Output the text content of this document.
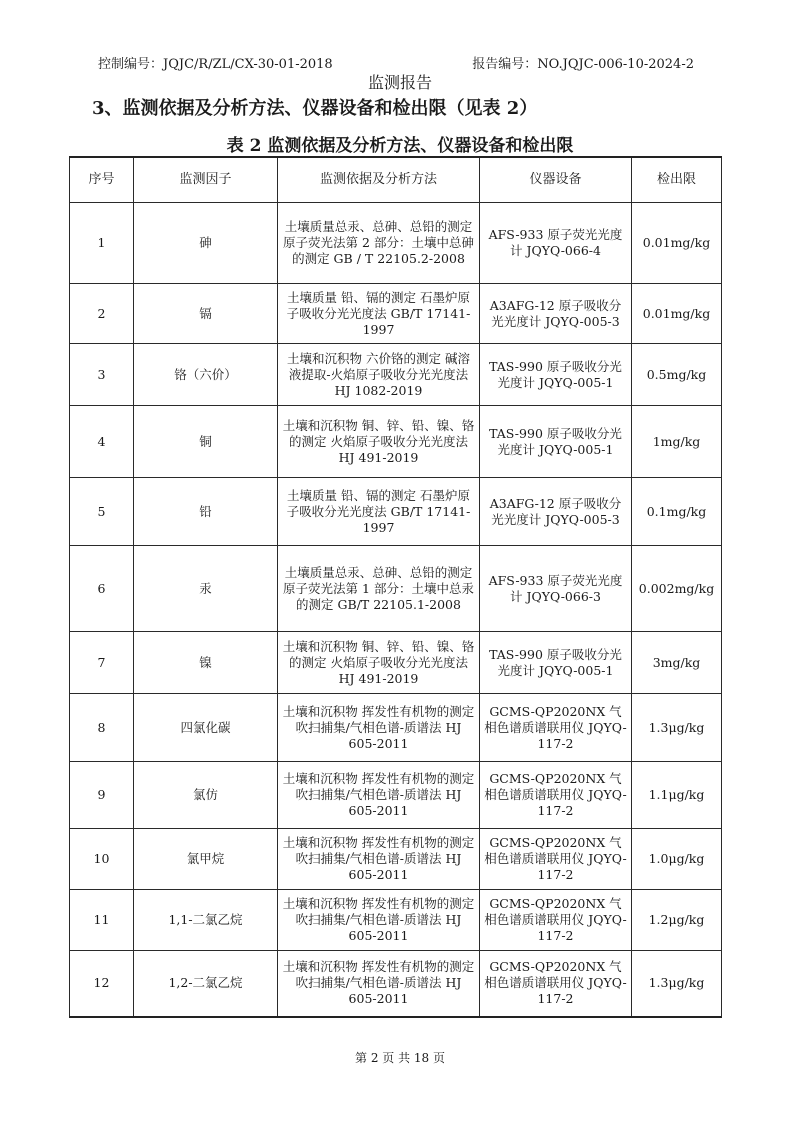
控制编号：JQJC/R/ZL/CX-30-01-2018	报告编号：NO.JQJC-006-10-2024-2
监测报告
3、监测依据及分析方法、仪器设备和检出限（见表 2）
表 2 监测依据及分析方法、仪器设备和检出限
序号	监测因子	监测依据及分析方法	仪器设备	检出限
1	砷	土壤质量总汞、总砷、总铅的测定原子荧光法第 2 部分：土壤中总砷的测定 GB / T 22105.2-2008	AFS-933 原子荧光光度计 JQYQ-066-4	0.01mg/kg
2	镉	土壤质量 铅、镉的测定 石墨炉原子吸收分光光度法 GB/T 17141-1997	A3AFG-12 原子吸收分光光度计 JQYQ-005-3	0.01mg/kg
3	铬（六价）	土壤和沉积物 六价铬的测定 碱溶液提取-火焰原子吸收分光光度法 HJ 1082-2019	TAS-990 原子吸收分光光度计 JQYQ-005-1	0.5mg/kg
4	铜	土壤和沉积物 铜、锌、铅、镍、铬的测定 火焰原子吸收分光光度法 HJ 491-2019	TAS-990 原子吸收分光光度计 JQYQ-005-1	1mg/kg
5	铅	土壤质量 铅、镉的测定 石墨炉原子吸收分光光度法 GB/T 17141-1997	A3AFG-12 原子吸收分光光度计 JQYQ-005-3	0.1mg/kg
6	汞	土壤质量总汞、总砷、总铅的测定原子荧光法第 1 部分：土壤中总汞的测定 GB/T 22105.1-2008	AFS-933 原子荧光光度计 JQYQ-066-3	0.002mg/kg
7	镍	土壤和沉积物 铜、锌、铅、镍、铬的测定 火焰原子吸收分光光度法 HJ 491-2019	TAS-990 原子吸收分光光度计 JQYQ-005-1	3mg/kg
8	四氯化碳	土壤和沉积物 挥发性有机物的测定吹扫捕集/气相色谱-质谱法 HJ 605-2011	GCMS-QP2020NX 气相色谱质谱联用仪 JQYQ-117-2	1.3μg/kg
9	氯仿	土壤和沉积物 挥发性有机物的测定吹扫捕集/气相色谱-质谱法 HJ 605-2011	GCMS-QP2020NX 气相色谱质谱联用仪 JQYQ-117-2	1.1μg/kg
10	氯甲烷	土壤和沉积物 挥发性有机物的测定吹扫捕集/气相色谱-质谱法 HJ 605-2011	GCMS-QP2020NX 气相色谱质谱联用仪 JQYQ-117-2	1.0μg/kg
11	1,1-二氯乙烷	土壤和沉积物 挥发性有机物的测定吹扫捕集/气相色谱-质谱法 HJ 605-2011	GCMS-QP2020NX 气相色谱质谱联用仪 JQYQ-117-2	1.2μg/kg
12	1,2-二氯乙烷	土壤和沉积物 挥发性有机物的测定吹扫捕集/气相色谱-质谱法 HJ 605-2011	GCMS-QP2020NX 气相色谱质谱联用仪 JQYQ-117-2	1.3μg/kg
第 2 页 共 18 页
